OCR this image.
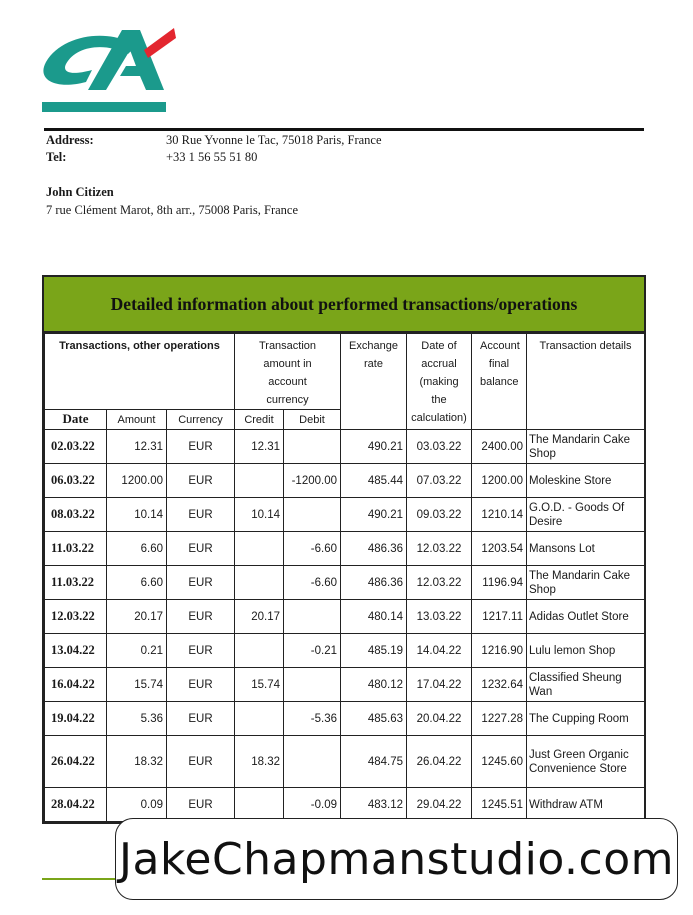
Address:	30 Rue Yvonne le Tac, 75018 Paris, France
Tel:	+33 1 56 55 51 80
John Citizen
7 rue Clément Marot, 8th arr., 75008 Paris, France
Detailed information about performed transactions/operations
Transactions, other operations			Transaction amount in account currency		Exchange rate	Date of accrual (making the calculation)	Account final balance	Transaction details
Date	Amount	Currency	Credit	Debit				
02.03.22	12.31	EUR	12.31		490.21	03.03.22	2400.00	The Mandarin Cake Shop
06.03.22	1200.00	EUR		-1200.00	485.44	07.03.22	1200.00	Moleskine Store
08.03.22	10.14	EUR	10.14		490.21	09.03.22	1210.14	G.O.D. - Goods Of Desire
11.03.22	6.60	EUR		-6.60	486.36	12.03.22	1203.54	Mansons Lot
11.03.22	6.60	EUR		-6.60	486.36	12.03.22	1196.94	The Mandarin Cake Shop
12.03.22	20.17	EUR	20.17		480.14	13.03.22	1217.11	Adidas Outlet Store
13.04.22	0.21	EUR		-0.21	485.19	14.04.22	1216.90	Lulu lemon Shop
16.04.22	15.74	EUR	15.74		480.12	17.04.22	1232.64	Classified Sheung Wan
19.04.22	5.36	EUR		-5.36	485.63	20.04.22	1227.28	The Cupping Room
26.04.22	18.32	EUR	18.32		484.75	26.04.22	1245.60	Just Green Organic Convenience Store
28.04.22	0.09	EUR		-0.09	483.12	29.04.22	1245.51	Withdraw ATM
JakeChapmanstudio.com
